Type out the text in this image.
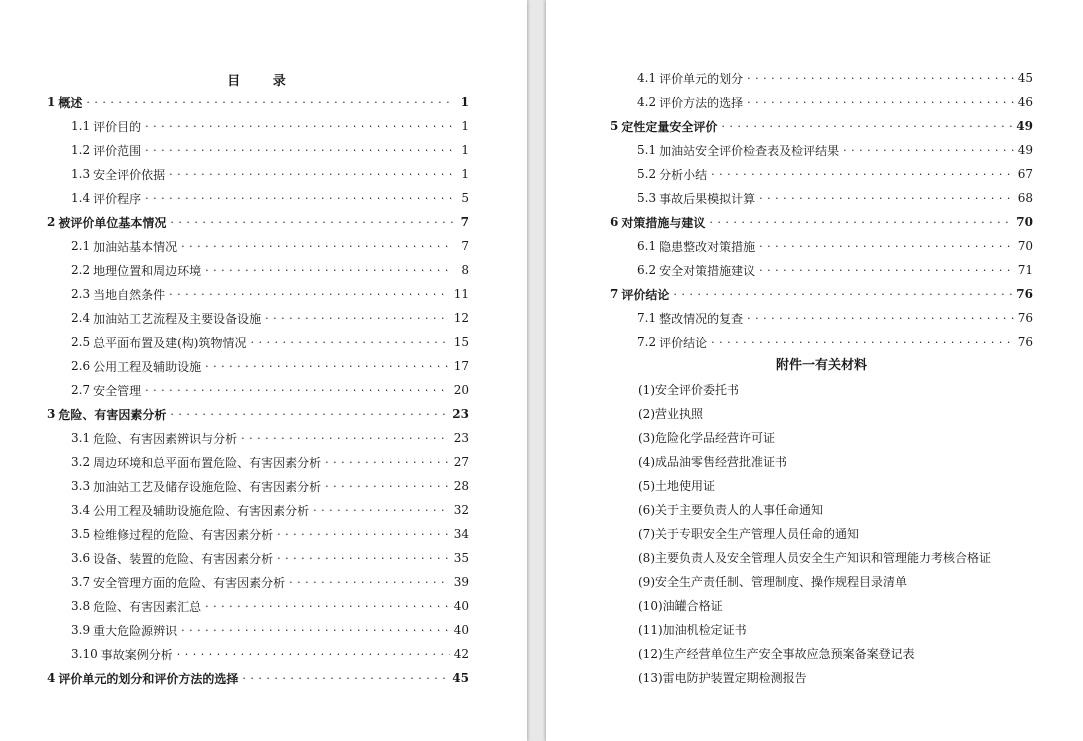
目 录
1 概述 . . .	1
1.1 评价目的 . . .	1
1.2 评价范围 . . .	1
1.3 安全评价依据 . . .	1
1.4 评价程序 . . .	5
2 被评价单位基本情况 . . .	7
2.1 加油站基本情况 . . .	7
2.2 地理位置和周边环境 . . .	8
2.3 当地自然条件 . . .	11
2.4 加油站工艺流程及主要设备设施 . . .	12
2.5 总平面布置及建(构)筑物情况 . . .	15
2.6 公用工程及辅助设施 . . .	17
2.7 安全管理 . . .	20
3 危险、有害因素分析 . . .	23
3.1 危险、有害因素辨识与分析 . . .	23
3.2 周边环境和总平面布置危险、有害因素分析 . . .	27
3.3 加油站工艺及储存设施危险、有害因素分析 . . .	28
3.4 公用工程及辅助设施危险、有害因素分析 . . .	32
3.5 检维修过程的危险、有害因素分析 . . .	34
3.6 设备、装置的危险、有害因素分析 . . .	35
3.7 安全管理方面的危险、有害因素分析 . . .	39
3.8 危险、有害因素汇总 . . .	40
3.9 重大危险源辨识 . . .	40
3.10 事故案例分析 . . .	42
4 评价单元的划分和评价方法的选择 . . .	45
4.1 评价单元的划分 . . .	45
4.2 评价方法的选择 . . .	46
5 定性定量安全评价 . . .	49
5.1 加油站安全评价检查表及检评结果 . . .	49
5.2 分析小结 . . .	67
5.3 事故后果模拟计算 . . .	68
6 对策措施与建议 . . .	70
6.1 隐患整改对策措施 . . .	70
6.2 安全对策措施建议 . . .	71
7 评价结论 . . .	76
7.1 整改情况的复查 . . .	76
7.2 评价结论 . . .	76
附件一有关材料
(1)安全评价委托书
(2)营业执照
(3)危险化学品经营许可证
(4)成品油零售经营批准证书
(5)土地使用证
(6)关于主要负责人的人事任命通知
(7)关于专职安全生产管理人员任命的通知
(8)主要负责人及安全管理人员安全生产知识和管理能力考核合格证
(9)安全生产责任制、管理制度、操作规程目录清单
(10)油罐合格证
(11)加油机检定证书
(12)生产经营单位生产安全事故应急预案备案登记表
(13)雷电防护装置定期检测报告
